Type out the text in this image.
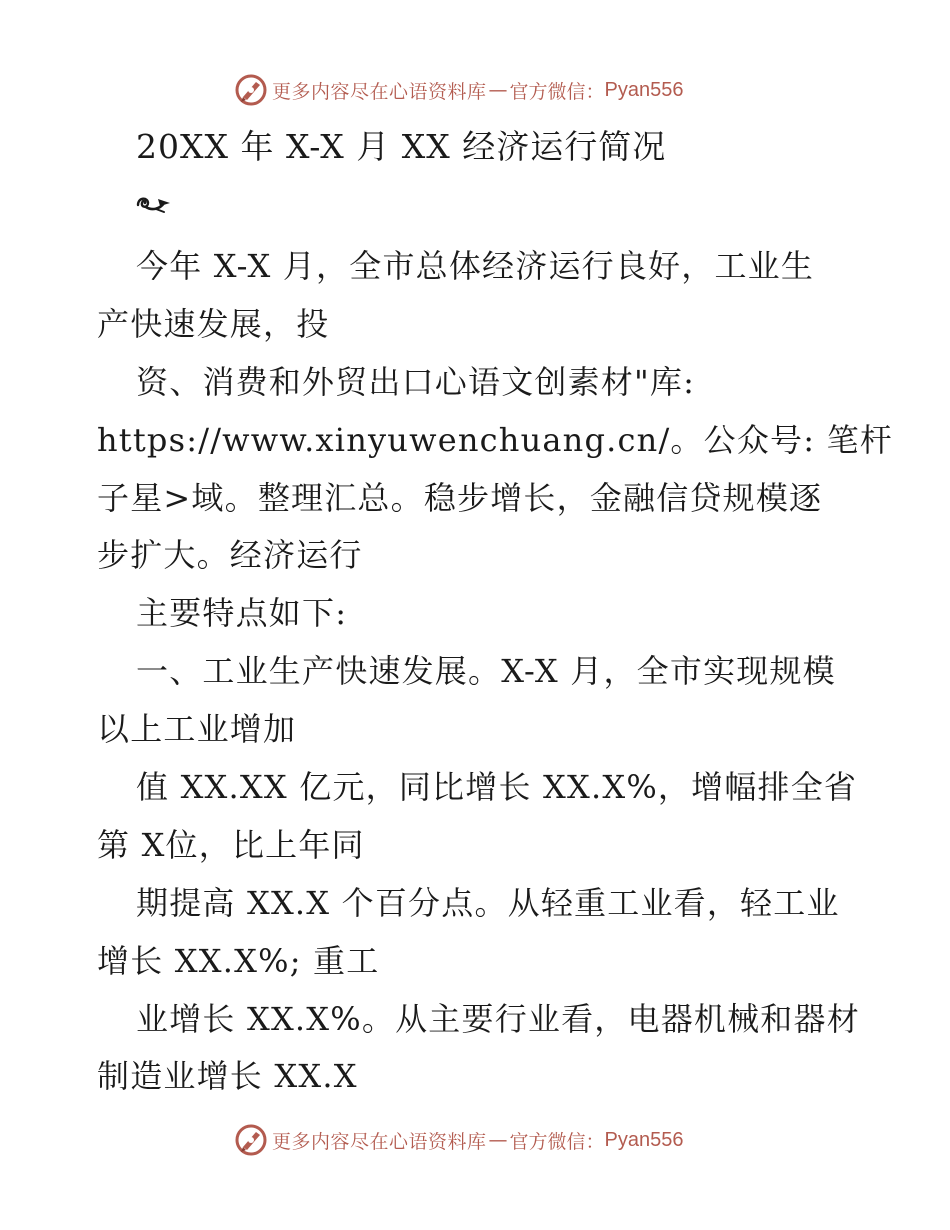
更多内容尽在心语资料库 — 官方微信： Pyan556
20XX 年 X-X 月 XX 经济运行简况
今年 X-X 月，全市总体经济运行良好，工业生
产快速发展，投
资、消费和外贸出口心语文创素材"库:
https://www.xinyuwenchuang.cn/。公众号: 笔杆
子星>域。整理汇总。稳步增长，金融信贷规模逐
步扩大。经济运行
主要特点如下:
一、工业生产快速发展。X-X 月，全市实现规模
以上工业增加
值 XX.XX 亿元，同比增长 XX.X%，增幅排全省
第 X位，比上年同
期提高 XX.X 个百分点。从轻重工业看，轻工业
增长 XX.X%; 重工
业增长 XX.X%。从主要行业看，电器机械和器材
制造业增长 XX.X
更多内容尽在心语资料库 — 官方微信： Pyan556
